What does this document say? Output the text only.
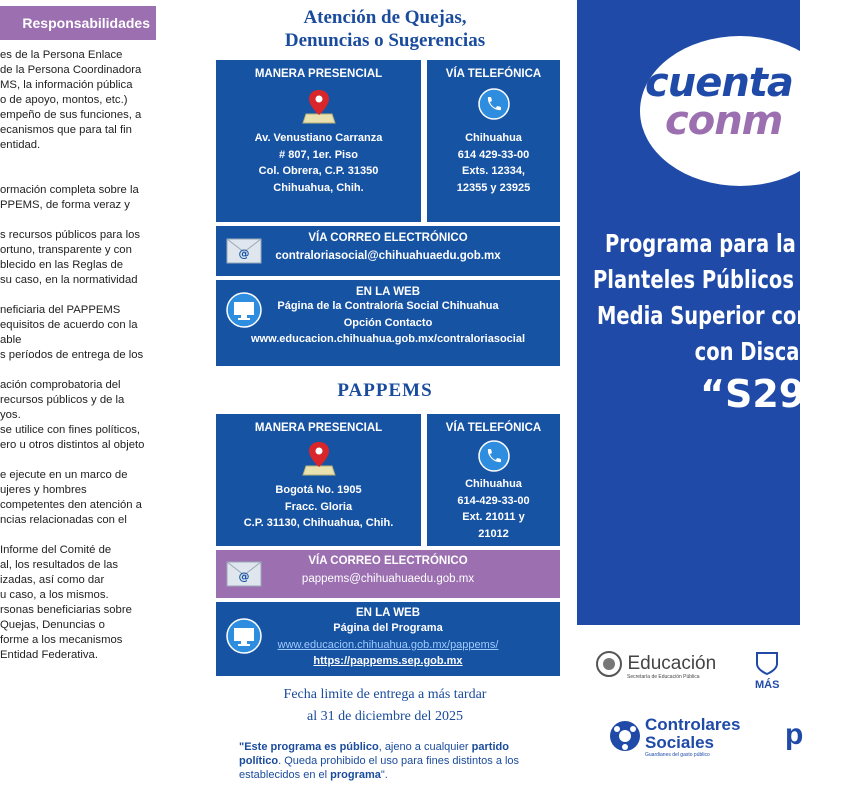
Responsabilidades

es de la Persona Enlace

de la Persona Coordinadora

MS, la información pública

o de apoyo, montos, etc.)

empeño de sus funciones, a

ecanismos que para tal fin

entidad.

ormación completa sobre la

PPEMS, de forma veraz y

s recursos públicos para los

ortuno, transparente y con

blecido en las Reglas de

su caso, en la normatividad

neficiaria del PAPPEMS

equisitos de acuerdo con la

able

s períodos de entrega de los

ación comprobatoria del

recursos públicos y de la

yos.

se utilice con fines políticos,

ero u otros distintos al objeto

e ejecute en un marco de

ujeres y hombres

competentes den atención a

ncias relacionadas con el

Informe del Comité de

al, los resultados de las

izadas, así como dar

u caso, a los mismos.

rsonas beneficiarias sobre

Quejas, Denuncias o

forme a los mecanismos

Entidad Federativa.

Atención de Quejas,
Denuncias o Sugerencias
MANERA PRESENCIAL
Av. Venustiano Carranza
# 807, 1er. Piso
Col. Obrera, C.P. 31350
Chihuahua, Chih.
VÍA TELEFÓNICA
Chihuahua
614 429-33-00
Exts. 12334,
12355 y 23925
@
VÍA CORREO ELECTRÓNICO
contraloriasocial@chihuahuaedu.gob.mx
EN LA WEB
Página de la Contraloría Social Chihuahua
Opción Contacto
www.educacion.chihuahua.gob.mx/contraloriasocial
PAPPEMS
MANERA PRESENCIAL
Bogotá No. 1905
Fracc. Gloria
C.P. 31130, Chihuahua, Chih.
VÍA TELEFÓNICA
Chihuahua
614-429-33-00
Ext. 21011 y
21012
@
VÍA CORREO ELECTRÓNICO
pappems@chihuahuaedu.gob.mx
EN LA WEB
Página del Programa
www.educacion.chihuahua.gob.mx/pappems/
https://pappems.sep.gob.mx
Fecha limite de entrega a más tardar
al 31 de diciembre del 2025
"Este programa es público, ajeno a cualquier partido político. Queda prohibido el uso para fines distintos a los establecidos en el programa".
cuenta
conm
Programa para la At
Planteles Públicos d
Media Superior con E
con Discapac
“S298”
Educación
Secretaría de Educación Pública
MÁS
Controlares
Sociales
Guardianes del gasto público
p
